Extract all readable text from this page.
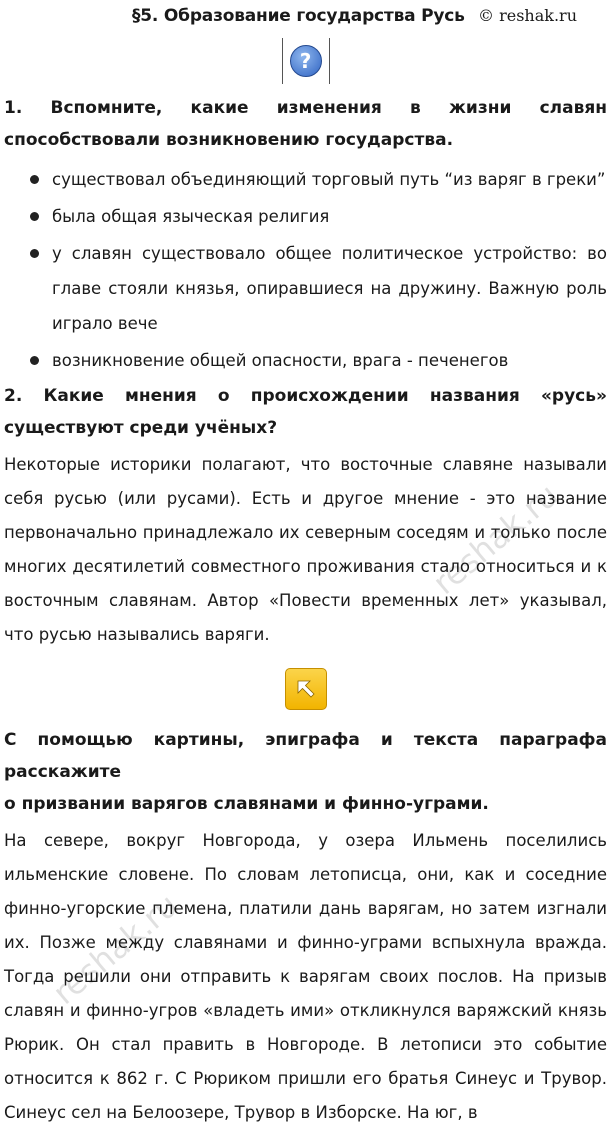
§5. Образование государства Русь © reshak.ru
?
1. Вспомните, какие изменения в жизни славян
способствовали возникновению государства.
существовал объединяющий торговый путь “из варяг в греки”
была общая языческая религия
у славян существовало общее политическое устройство: во главе стояли князья, опиравшиеся на дружину. Важную роль играло вече
возникновение общей опасности, врага - печенегов
2. Какие мнения о происхождении названия «русь»
существуют среди учёных?

Некоторые историки полагают, что восточные славяне называли себя русью (или русами). Есть и другое мнение - это название первоначально принадлежало их северным соседям и только после многих десятилетий совместного проживания стало относиться и к восточным славянам. Автор «Повести временных лет» указывал, что русью назывались варяги.

С помощью картины, эпиграфа и текста параграфа расскажите
о призвании варягов славянами и финно-уграми.

На севере, вокруг Новгорода, у озера Ильмень поселились ильменские словене. По словам летописца, они, как и соседние финно-угорские племена, платили дань варягам, но затем изгнали их. Позже между славянами и финно-уграми вспыхнула вражда. Тогда решили они отправить к варягам своих послов. На призыв славян и финно-угров «владеть ими» откликнулся варяжский князь Рюрик. Он стал править в Новгороде. В летописи это событие относится к 862 г. С Рюриком пришли его братья Синеус и Трувор. Синеус сел на Белоозере, Трувор в Изборске. На юг, в

reshak.ru
reshak.ru
